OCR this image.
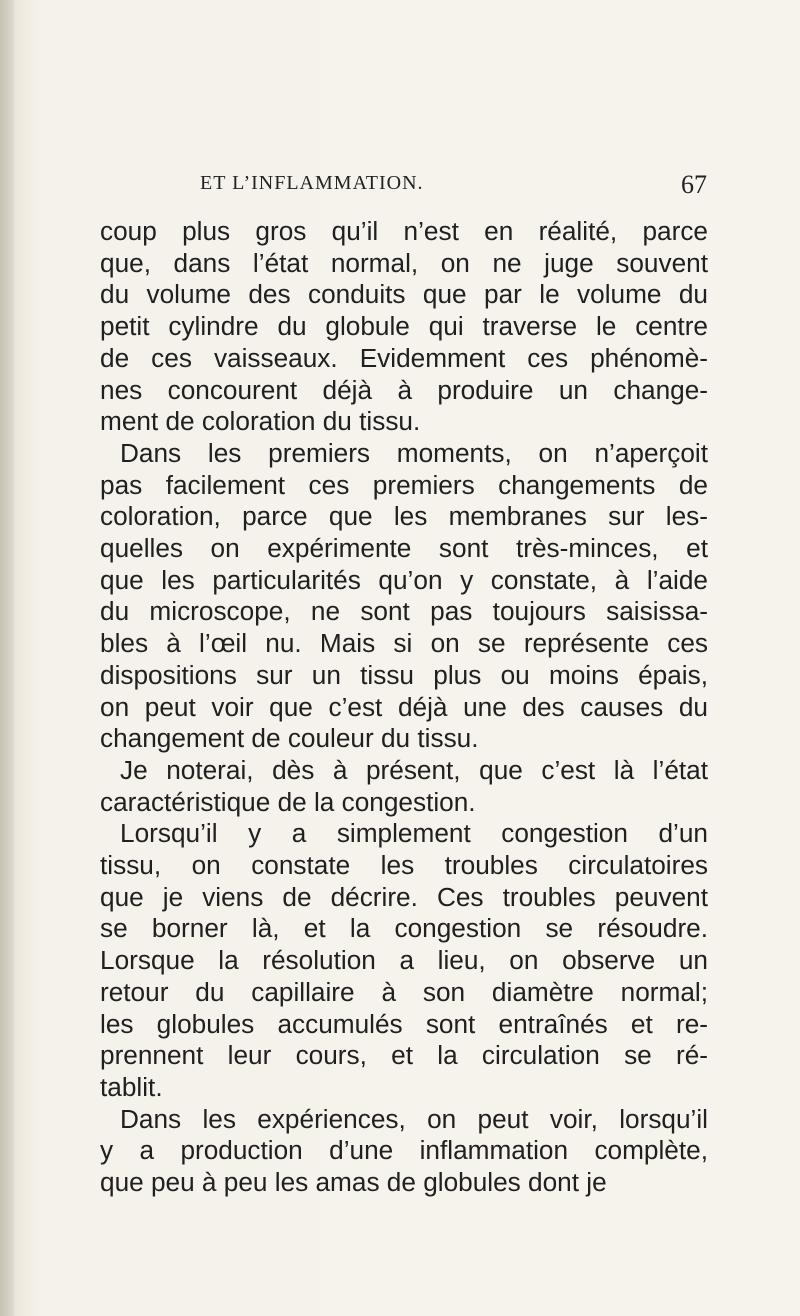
ET L’INFLAMMATION.	67
coup plus gros qu’il n’est en réalité, parce
que, dans l’état normal, on ne juge souvent
du volume des conduits que par le volume du
petit cylindre du globule qui traverse le centre
de ces vaisseaux. Evidemment ces phénomè-
nes concourent déjà à produire un change-
ment de coloration du tissu.
Dans les premiers moments, on n’aperçoit
pas facilement ces premiers changements de
coloration, parce que les membranes sur les-
quelles on expérimente sont très-minces, et
que les particularités qu’on y constate, à l’aide
du microscope, ne sont pas toujours saisissa-
bles à l’œil nu. Mais si on se représente ces
dispositions sur un tissu plus ou moins épais,
on peut voir que c’est déjà une des causes du
changement de couleur du tissu.
Je noterai, dès à présent, que c’est là l’état
caractéristique de la congestion.
Lorsqu’il y a simplement congestion d’un
tissu, on constate les troubles circulatoires
que je viens de décrire. Ces troubles peuvent
se borner là, et la congestion se résoudre.
Lorsque la résolution a lieu, on observe un
retour du capillaire à son diamètre normal;
les globules accumulés sont entraînés et re-
prennent leur cours, et la circulation se ré-
tablit.
Dans les expériences, on peut voir, lorsqu’il
y a production d’une inflammation complète,
que peu à peu les amas de globules dont je
